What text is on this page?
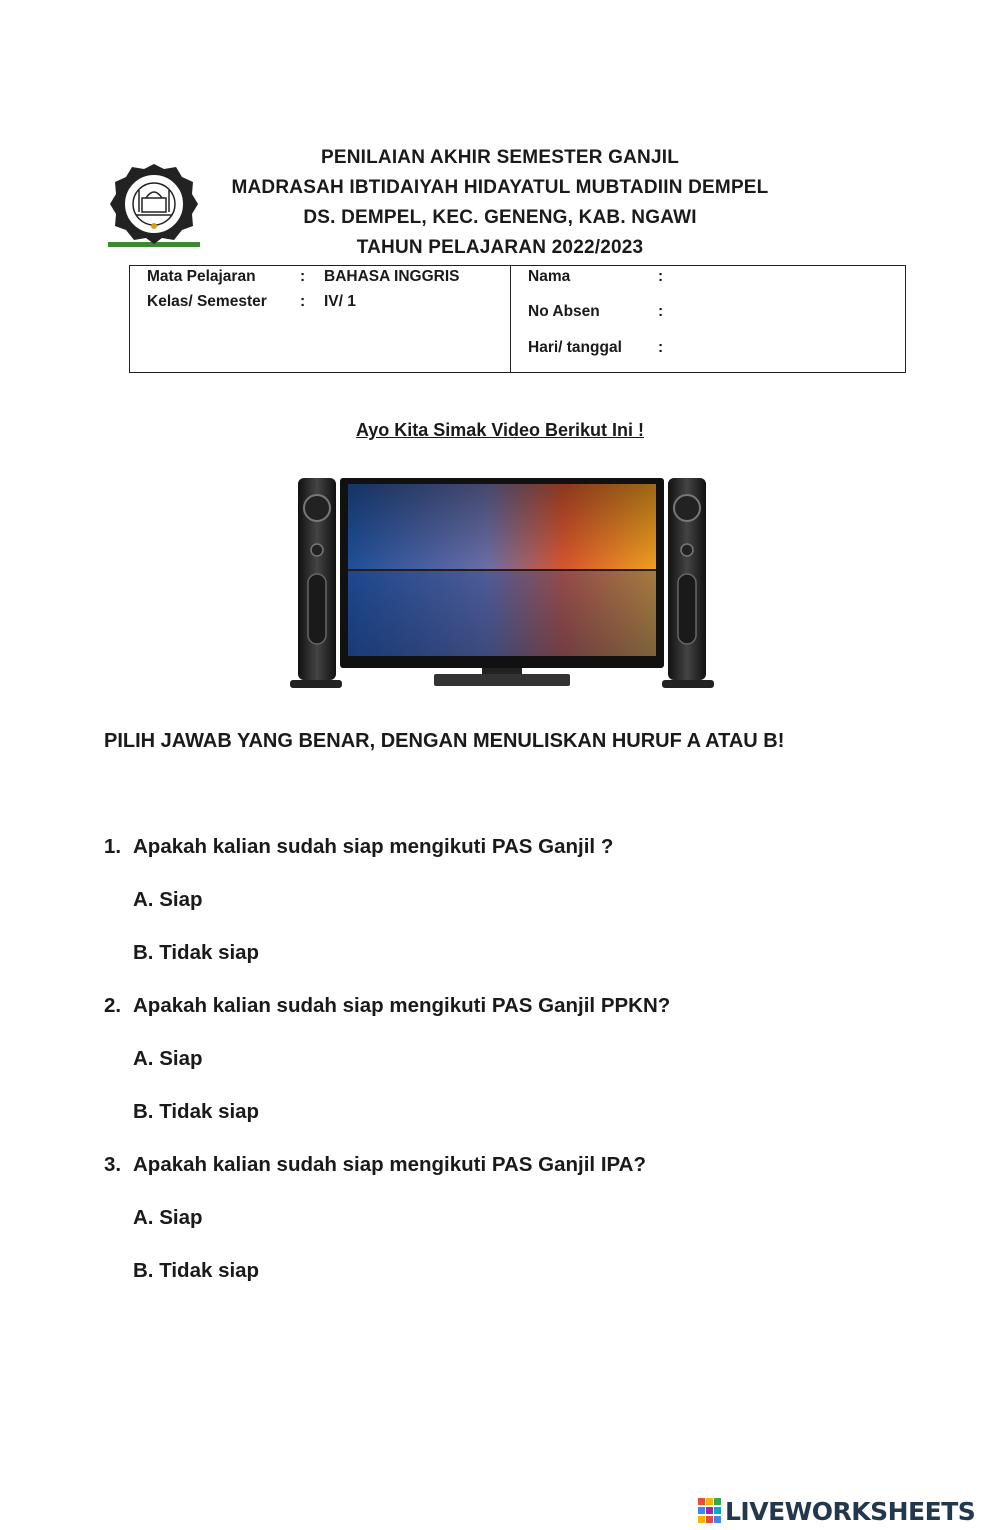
PENILAIAN AKHIR SEMESTER GANJIL
MADRASAH IBTIDAIYAH HIDAYATUL MUBTADIIN DEMPEL
DS. DEMPEL, KEC. GENENG, KAB. NGAWI
TAHUN PELAJARAN 2022/2023
Mata Pelajaran	: BAHASA INGGRIS
Kelas/ Semester : IV/ 1
Nama	:
No Absen	:
Hari/ tanggal :
Ayo Kita Simak Video Berikut Ini !
PILIH JAWAB YANG BENAR, DENGAN MENULISKAN HURUF A ATAU B!
1. Apakah kalian sudah siap mengikuti PAS Ganjil ?
A. Siap
B. Tidak siap
2. Apakah kalian sudah siap mengikuti PAS Ganjil PPKN?
A. Siap
B. Tidak siap
3. Apakah kalian sudah siap mengikuti PAS Ganjil IPA?
A. Siap
B. Tidak siap
LIVEWORKSHEETS
